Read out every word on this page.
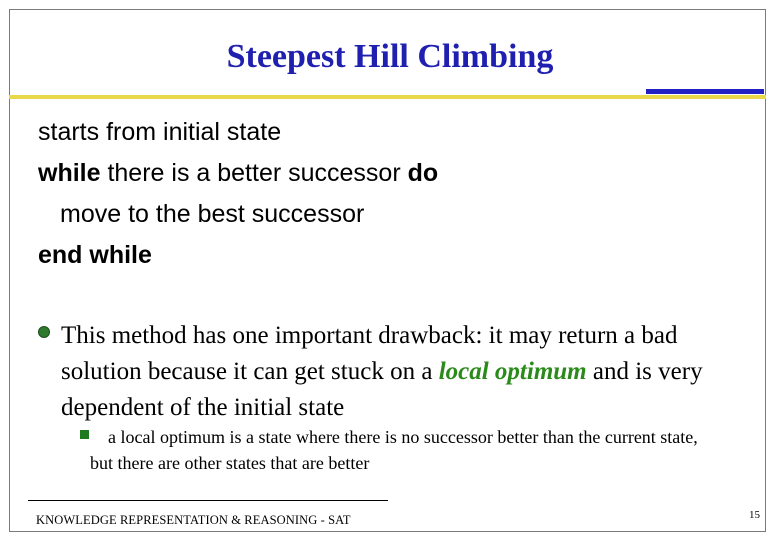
Steepest Hill Climbing
starts from initial state
while there is a better successor do
move to the best successor
end while
This method has one important drawback: it may return a bad solution because it can get stuck on a local optimum and is very dependent of the initial state
a local optimum is a state where there is no successor better than the current state, but there are other states that are better
KNOWLEDGE REPRESENTATION & REASONING - SAT	15
